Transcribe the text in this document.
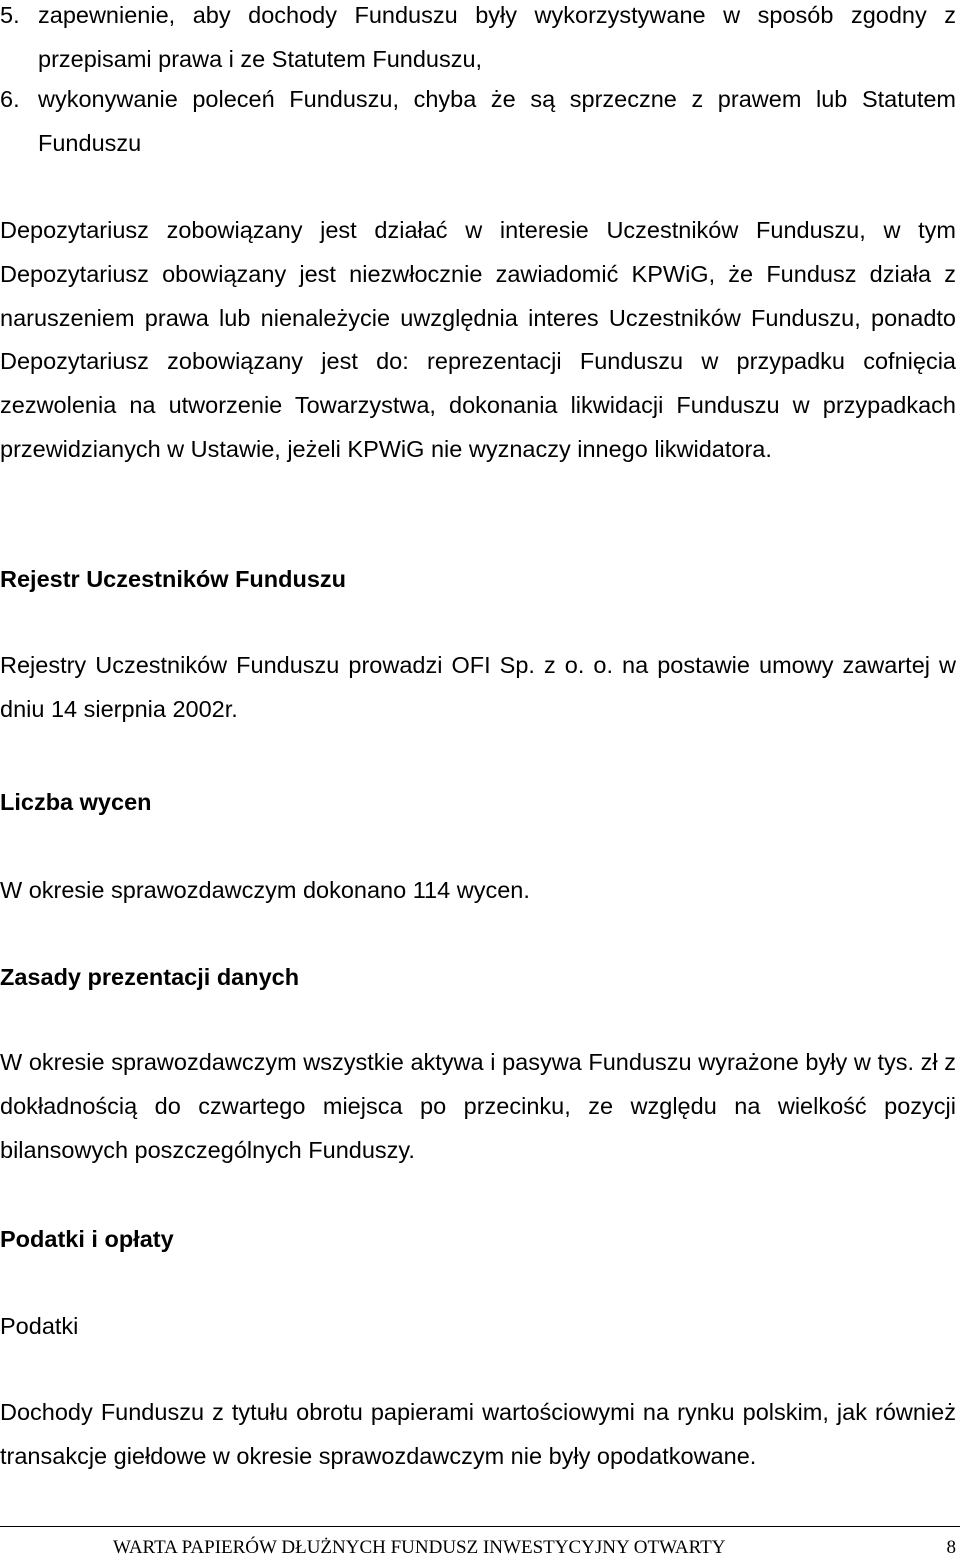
5. zapewnienie, aby dochody Funduszu były wykorzystywane w sposób zgodny z przepisami prawa i ze Statutem Funduszu,
6. wykonywanie poleceń Funduszu, chyba że są sprzeczne z prawem lub Statutem Funduszu
Depozytariusz zobowiązany jest działać w interesie Uczestników Funduszu, w tym Depozytariusz obowiązany jest niezwłocznie zawiadomić KPWiG, że Fundusz działa z naruszeniem prawa lub nienależycie uwzględnia interes Uczestników Funduszu, ponadto Depozytariusz zobowiązany jest do: reprezentacji Funduszu w przypadku cofnięcia zezwolenia na utworzenie Towarzystwa, dokonania likwidacji Funduszu w przypadkach przewidzianych w Ustawie, jeżeli KPWiG nie wyznaczy innego likwidatora.
Rejestr Uczestników Funduszu
Rejestry Uczestników Funduszu prowadzi OFI Sp. z o. o. na postawie umowy zawartej w dniu 14 sierpnia 2002r.
Liczba wycen
W okresie sprawozdawczym dokonano 114 wycen.
Zasady prezentacji danych
W okresie sprawozdawczym wszystkie aktywa i pasywa Funduszu wyrażone były w tys. zł z dokładnością do czwartego miejsca po przecinku, ze względu na wielkość pozycji bilansowych poszczególnych Funduszy.
Podatki i opłaty
Podatki
Dochody Funduszu z tytułu obrotu papierami wartościowymi na rynku polskim, jak również transakcje giełdowe w okresie sprawozdawczym nie były opodatkowane.
WARTA PAPIERÓW DŁUŻNYCH FUNDUSZ INWESTYCYJNY OTWARTY	8
